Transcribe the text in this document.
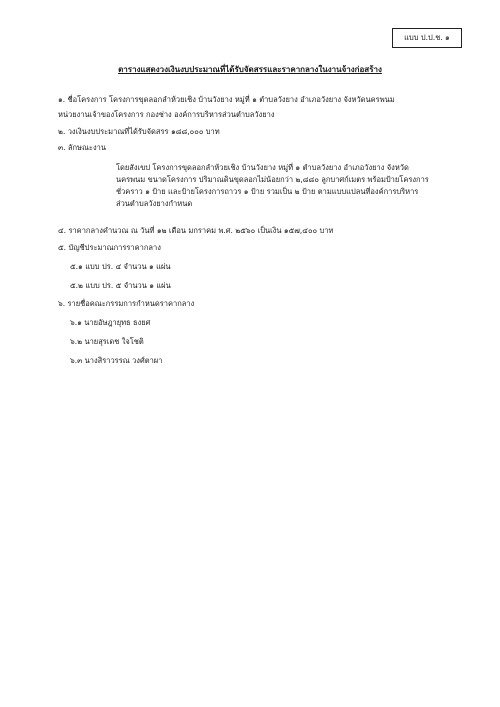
แบบ ป.ป.ช. ๑
ตารางแสดงวงเงินงบประมาณที่ได้รับจัดสรรและราคากลางในงานจ้างก่อสร้าง
๑. ชื่อโครงการ โครงการขุดลอกลำห้วยเชิง บ้านวังยาง หมู่ที่ ๑ ตำบลวังยาง อำเภอวังยาง จังหวัดนครพนม
หน่วยงานเจ้าของโครงการ กองช่าง องค์การบริหารส่วนตำบลวังยาง
๒. วงเงินงบประมาณที่ได้รับจัดสรร ๑๘๘,๐๐๐ บาท
๓. ลักษณะงาน
โดยสังเขป โครงการขุดลอกลำห้วยเชิง บ้านวังยาง หมู่ที่ ๑ ตำบลวังยาง อำเภอวังยาง จังหวัด
นครพนม ขนาดโครงการ ปริมาณดินขุดลอกไม่น้อยกว่า ๒,๘๘๐ ลูกบาศก์เมตร พร้อมป้ายโครงการ
ชั่วคราว ๑ ป้าย และป้ายโครงการถาวร ๑ ป้าย รวมเป็น ๒ ป้าย ตามแบบแปลนที่องค์การบริหาร
ส่วนตำบลวังยางกำหนด
๔. ราคากลางคำนวณ ณ วันที่ ๑๒ เดือน มกราคม พ.ศ. ๒๕๖๐ เป็นเงิน ๑๕๗,๔๐๐ บาท
๕. บัญชีประมาณการราคากลาง
๕.๑ แบบ ปร. ๔ จำนวน ๑ แผ่น
๕.๒ แบบ ปร. ๕ จำนวน ๑ แผ่น
๖. รายชื่อคณะกรรมการกำหนดราคากลาง
๖.๑ นายอัษฎายุทธ ธงยศ
๖.๒ นายสุรเดช ใจโชติ
๖.๓ นางสิราวรรณ วงศ์ตาผา
